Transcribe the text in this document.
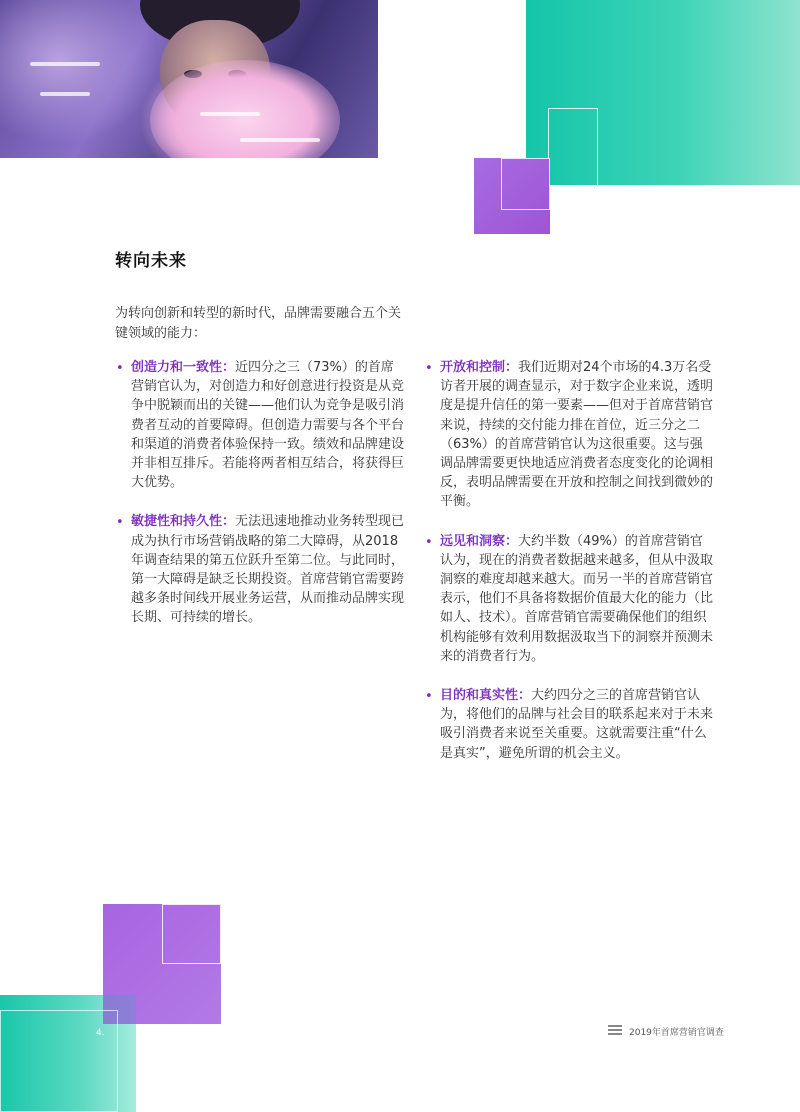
转向未来
为转向创新和转型的新时代，品牌需要融合五个关键领域的能力：
• 创造力和一致性：近四分之三（73%）的首席营销官认为，对创造力和好创意进行投资是从竞争中脱颖而出的关键——他们认为竞争是吸引消费者互动的首要障碍。但创造力需要与各个平台和渠道的消费者体验保持一致。绩效和品牌建设并非相互排斥。若能将两者相互结合，将获得巨大优势。
• 敏捷性和持久性：无法迅速地推动业务转型现已成为执行市场营销战略的第二大障碍，从2018年调查结果的第五位跃升至第二位。与此同时，第一大障碍是缺乏长期投资。首席营销官需要跨越多条时间线开展业务运营，从而推动品牌实现长期、可持续的增长。
• 开放和控制：我们近期对24个市场的4.3万名受访者开展的调查显示，对于数字企业来说，透明度是提升信任的第一要素——但对于首席营销官来说，持续的交付能力排在首位，近三分之二（63%）的首席营销官认为这很重要。这与强调品牌需要更快地适应消费者态度变化的论调相反，表明品牌需要在开放和控制之间找到微妙的平衡。
• 远见和洞察：大约半数（49%）的首席营销官认为，现在的消费者数据越来越多，但从中汲取洞察的难度却越来越大。而另一半的首席营销官表示，他们不具备将数据价值最大化的能力（比如人、技术）。首席营销官需要确保他们的组织机构能够有效利用数据汲取当下的洞察并预测未来的消费者行为。
• 目的和真实性：大约四分之三的首席营销官认为，将他们的品牌与社会目的联系起来对于未来吸引消费者来说至关重要。这就需要注重“什么是真实”，避免所谓的机会主义。
4.	2019年首席营销官调查
